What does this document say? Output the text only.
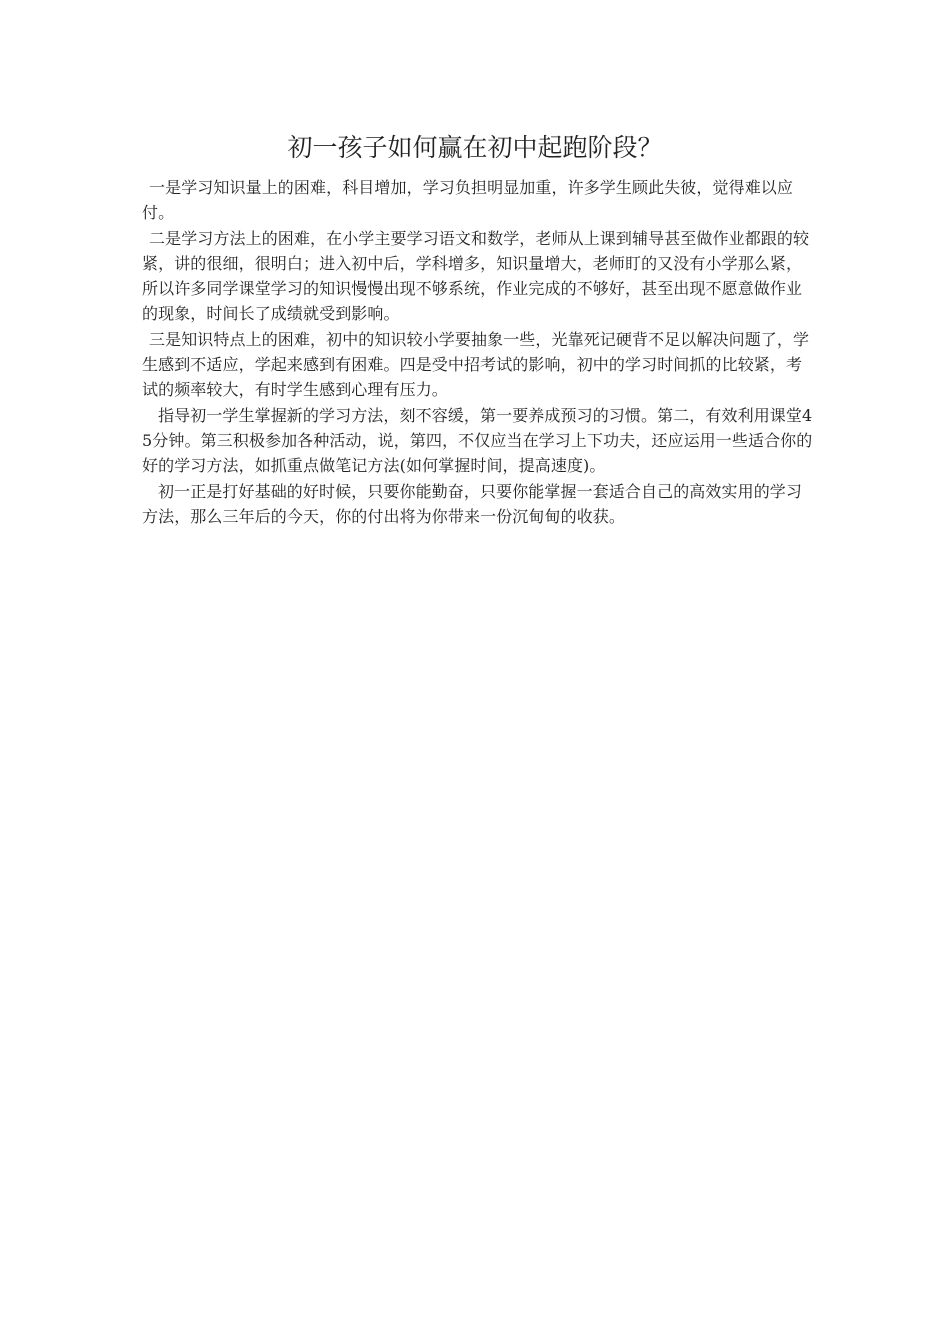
初一孩子如何赢在初中起跑阶段？

一是学习知识量上的困难，科目增加，学习负担明显加重，许多学生顾此失彼，觉得难以应付。

二是学习方法上的困难，在小学主要学习语文和数学，老师从上课到辅导甚至做作业都跟的较紧，讲的很细，很明白；进入初中后，学科增多，知识量增大，老师盯的又没有小学那么紧，所以许多同学课堂学习的知识慢慢出现不够系统，作业完成的不够好，甚至出现不愿意做作业的现象，时间长了成绩就受到影响。

三是知识特点上的困难，初中的知识较小学要抽象一些，光靠死记硬背不足以解决问题了，学生感到不适应，学起来感到有困难。四是受中招考试的影响，初中的学习时间抓的比较紧，考试的频率较大，有时学生感到心理有压力。

指导初一学生掌握新的学习方法，刻不容缓，第一要养成预习的习惯。第二，有效利用课堂45分钟。第三积极参加各种活动，说，第四，不仅应当在学习上下功夫，还应运用一些适合你的好的学习方法，如抓重点做笔记方法(如何掌握时间，提高速度)。

初一正是打好基础的好时候，只要你能勤奋，只要你能掌握一套适合自己的高效实用的学习方法，那么三年后的今天，你的付出将为你带来一份沉甸甸的收获。
